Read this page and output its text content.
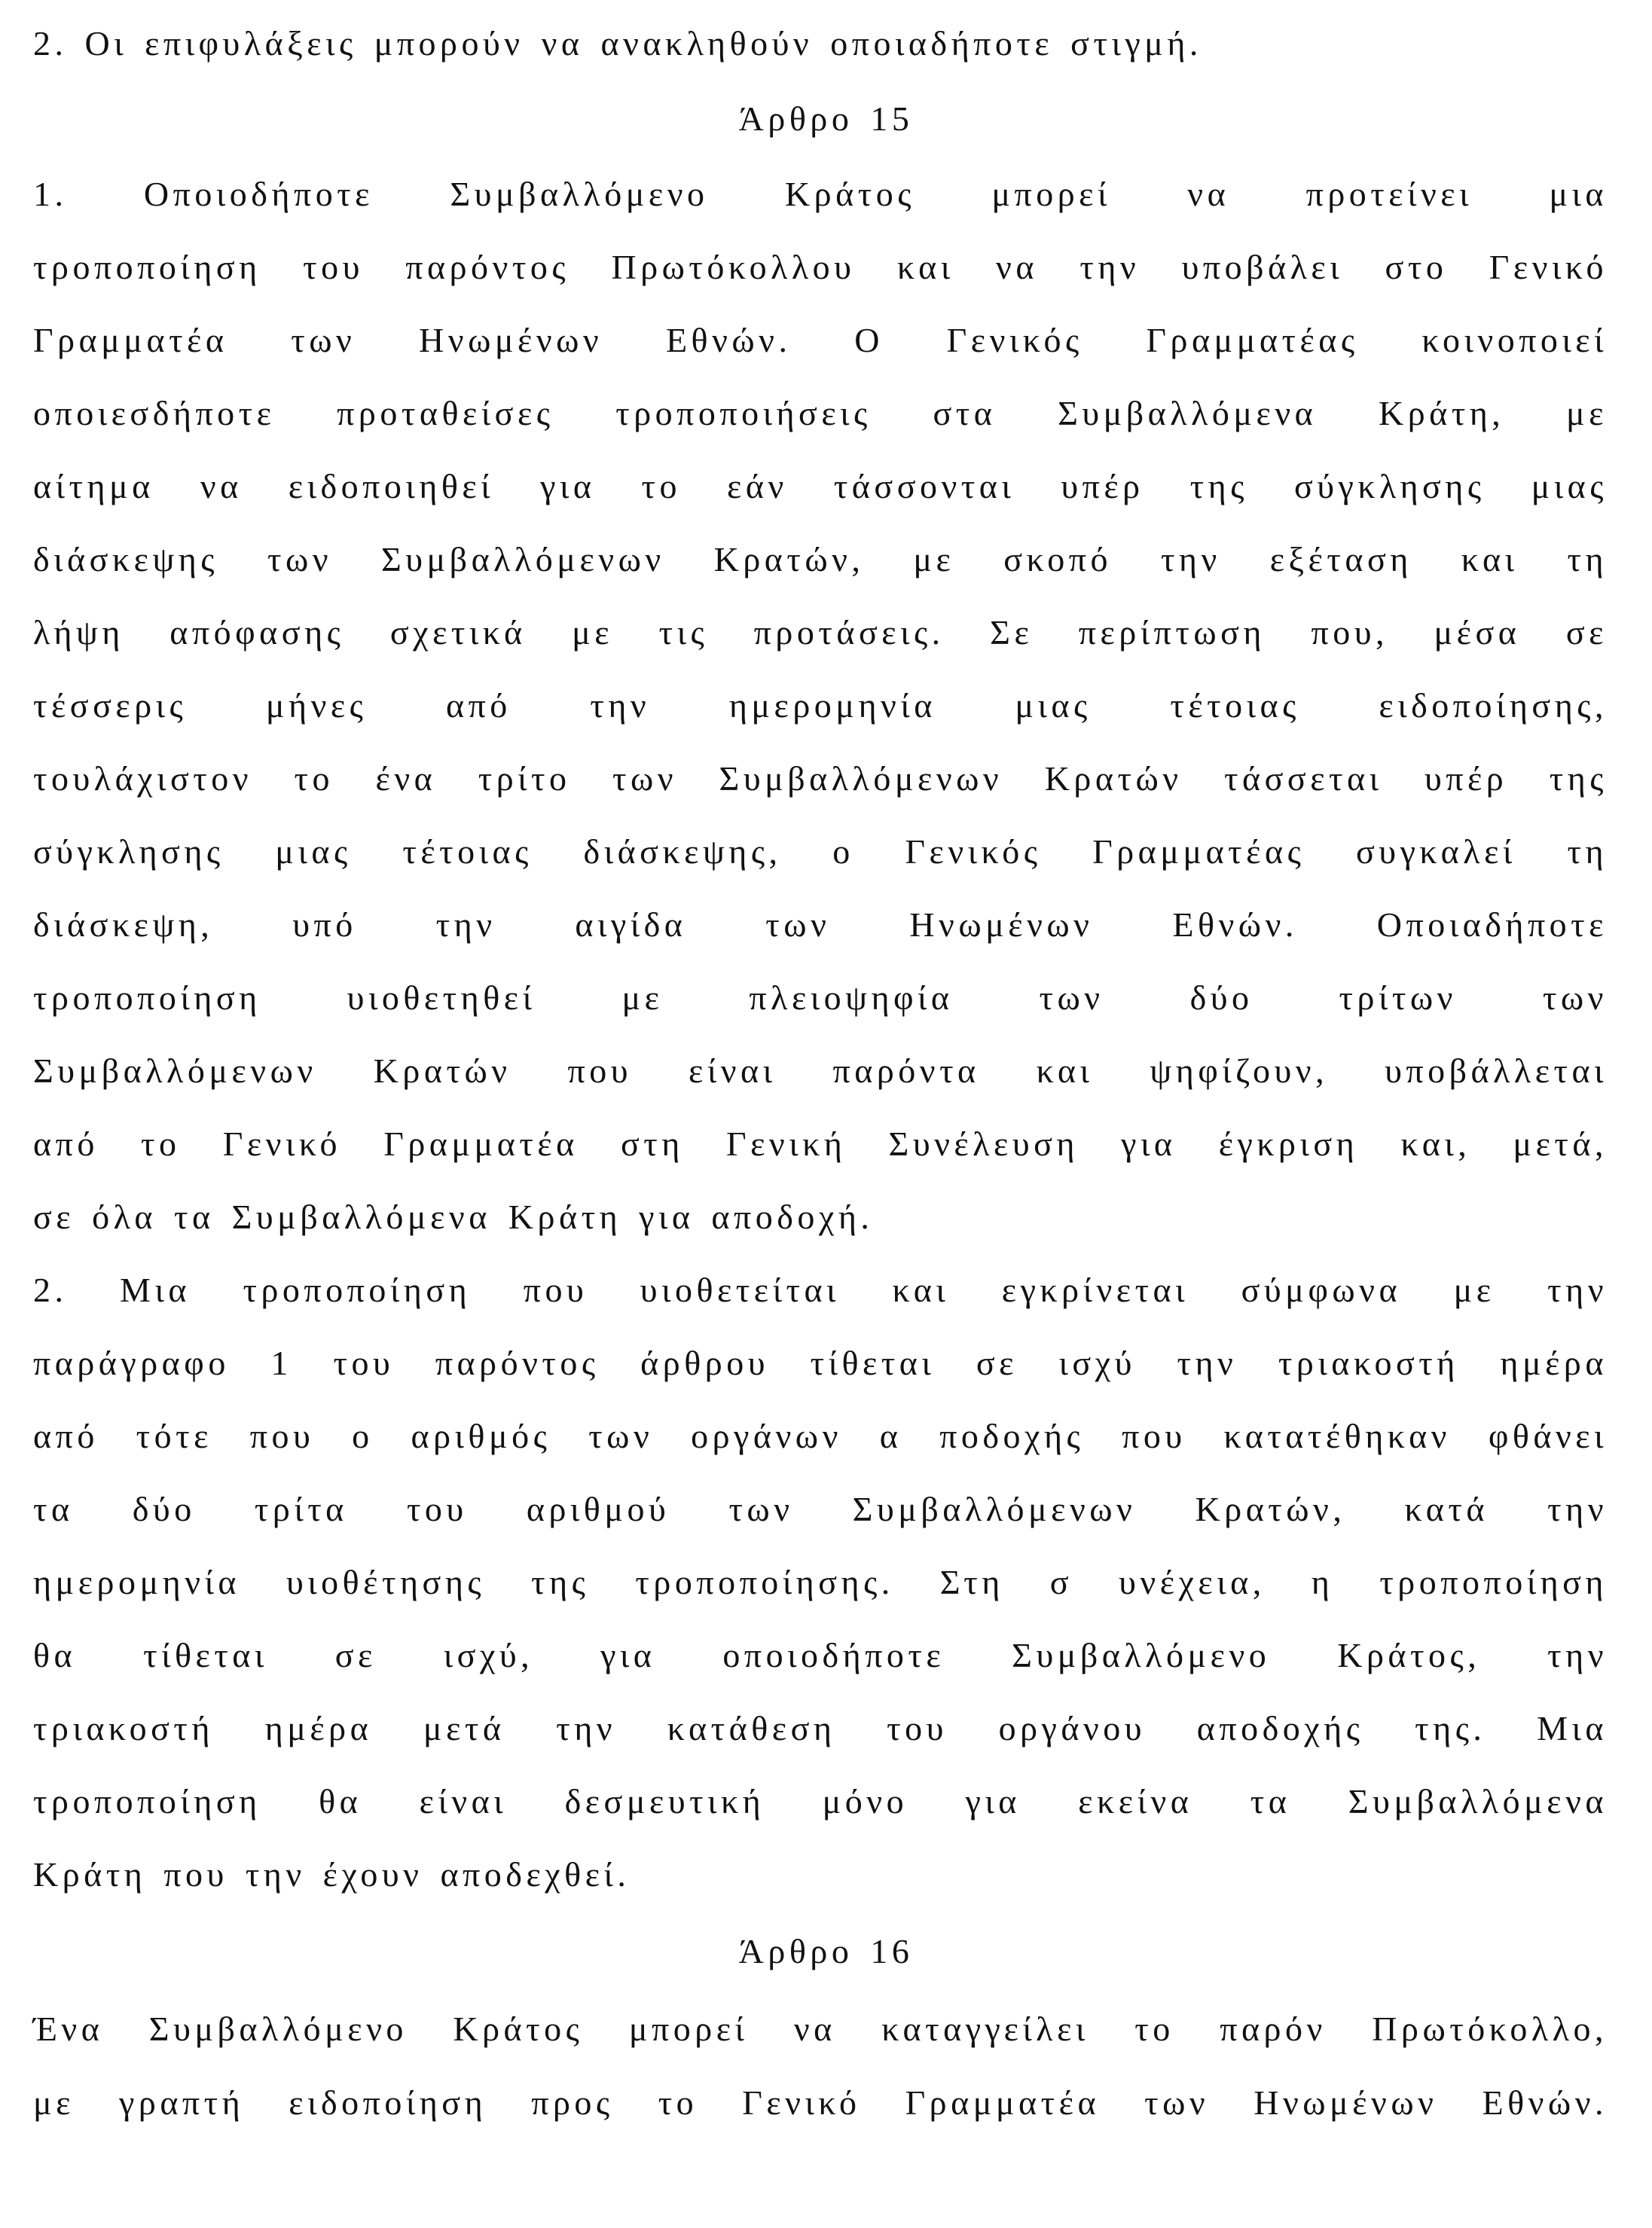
2. Οι επιφυλάξεις μπορούν να ανακληθούν οποιαδήποτε στιγμή.
Άρθρο 15
1. Οποιοδήποτε Συμβαλλόμενο Κράτος μπορεί να προτείνει μια
τροποποίηση του παρόντος Πρωτόκολλου και να την υποβάλει στο Γενικό
Γραμματέα των Ηνωμένων Εθνών. Ο Γενικός Γραμματέας κοινοποιεί
οποιεσδήποτε προταθείσες τροποποιήσεις στα Συμβαλλόμενα Κράτη, με
αίτημα να ειδοποιηθεί για το εάν τάσσονται υπέρ της σύγκλησης μιας
διάσκεψης των Συμβαλλόμενων Κρατών, με σκοπό την εξέταση και τη
λήψη απόφασης σχετικά με τις προτάσεις. Σε περίπτωση που, μέσα σε
τέσσερις μήνες από την ημερομηνία μιας τέτοιας ειδοποίησης,
τουλάχιστον το ένα τρίτο των Συμβαλλόμενων Κρατών τάσσεται υπέρ της
σύγκλησης μιας τέτοιας διάσκεψης, ο Γενικός Γραμματέας συγκαλεί τη
διάσκεψη, υπό την αιγίδα των Ηνωμένων Εθνών. Οποιαδήποτε
τροποποίηση υιοθετηθεί με πλειοψηφία των δύο τρίτων των
Συμβαλλόμενων Κρατών που είναι παρόντα και ψηφίζουν, υποβάλλεται
από το Γενικό Γραμματέα στη Γενική Συνέλευση για έγκριση και, μετά,
σε όλα τα Συμβαλλόμενα Κράτη για αποδοχή.
2. Μια τροποποίηση που υιοθετείται και εγκρίνεται σύμφωνα με την
παράγραφο 1 του παρόντος άρθρου τίθεται σε ισχύ την τριακοστή ημέρα
από τότε που ο αριθμός των οργάνων α ποδοχής που κατατέθηκαν φθάνει
τα δύο τρίτα του αριθμού των Συμβαλλόμενων Κρατών, κατά την
ημερομηνία υιοθέτησης της τροποποίησης. Στη σ υνέχεια, η τροποποίηση
θα τίθεται σε ισχύ, για οποιοδήποτε Συμβαλλόμενο Κράτος, την
τριακοστή ημέρα μετά την κατάθεση του οργάνου αποδοχής της. Μια
τροποποίηση θα είναι δεσμευτική μόνο για εκείνα τα Συμβαλλόμενα
Κράτη που την έχουν αποδεχθεί.
Άρθρο 16
Ένα Συμβαλλόμενο Κράτος μπορεί να καταγγείλει το παρόν Πρωτόκολλο,
με γραπτή ειδοποίηση προς το Γενικό Γραμματέα των Ηνωμένων Εθνών.
